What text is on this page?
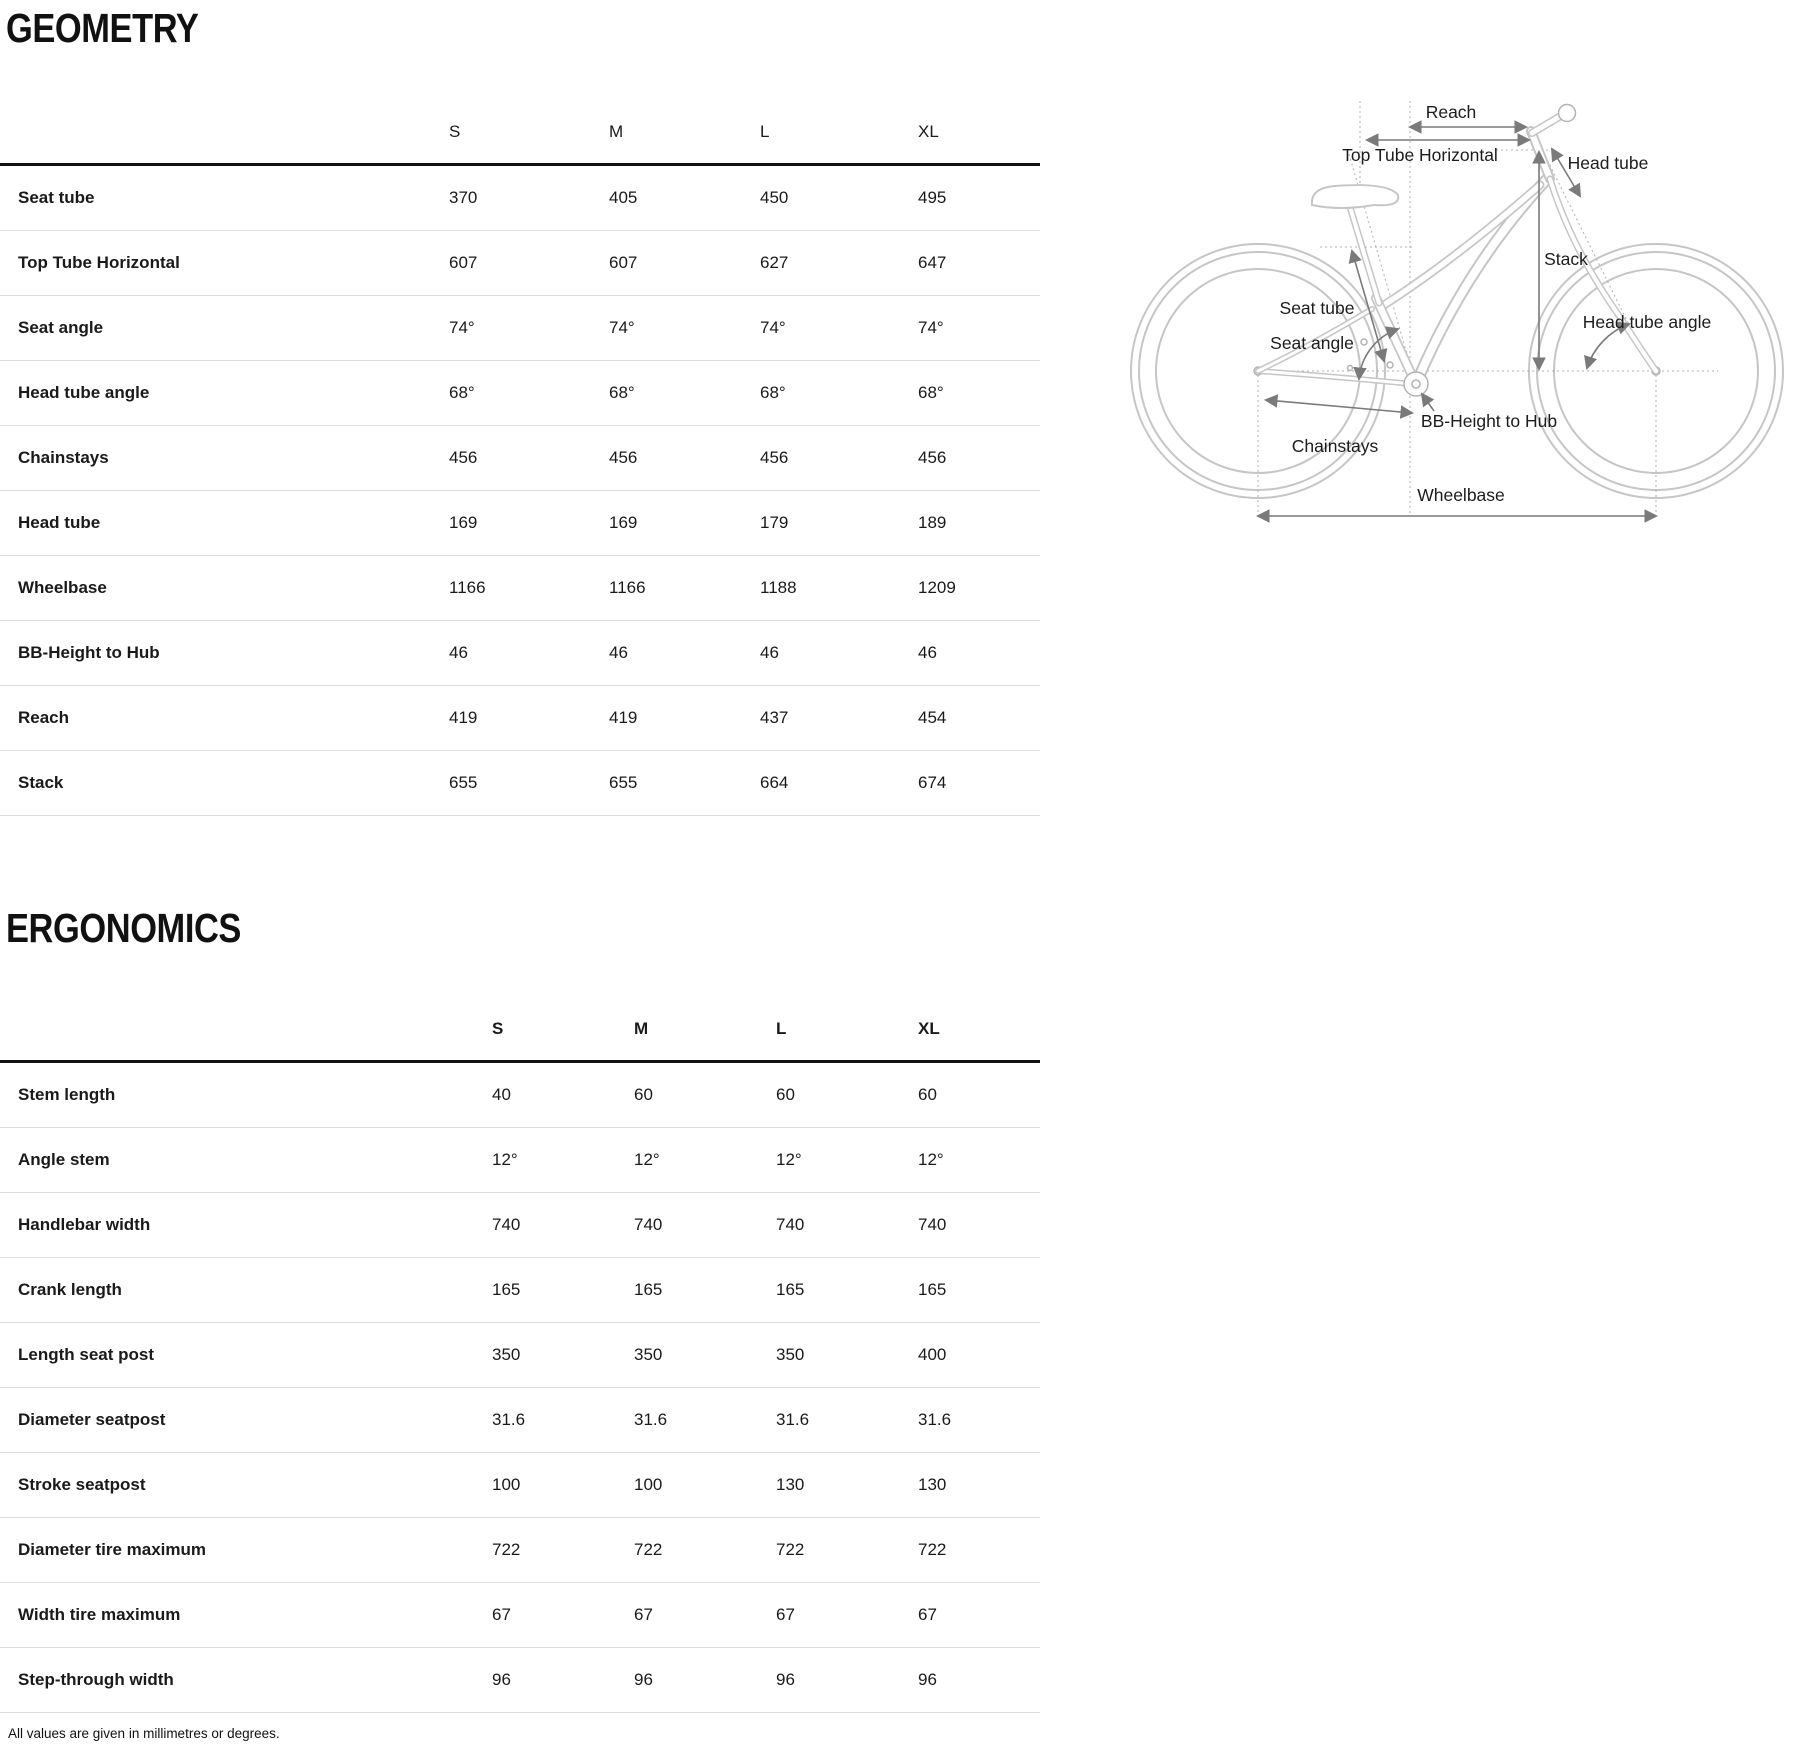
GEOMETRY
S	M	L	XL
Seat tube	370	405	450	495
Top Tube Horizontal	607	607	627	647
Seat angle	74°	74°	74°	74°
Head tube angle	68°	68°	68°	68°
Chainstays	456	456	456	456
Head tube	169	169	179	189
Wheelbase	1166	1166	1188	1209
BB-Height to Hub	46	46	46	46
Reach	419	419	437	454
Stack	655	655	664	674
Reach
Top Tube Horizontal	Head tube
Stack
Seat tube
Seat angle
Head tube angle
BB-Height to Hub
Chainstays
Wheelbase
ERGONOMICS
S	M	L	XL
Stem length	40	60	60	60
Angle stem	12°	12°	12°	12°
Handlebar width	740	740	740	740
Crank length	165	165	165	165
Length seat post	350	350	350	400
Diameter seatpost	31.6	31.6	31.6	31.6
Stroke seatpost	100	100	130	130
Diameter tire maximum	722	722	722	722
Width tire maximum	67	67	67	67
Step-through width	96	96	96	96
All values are given in millimetres or degrees.
